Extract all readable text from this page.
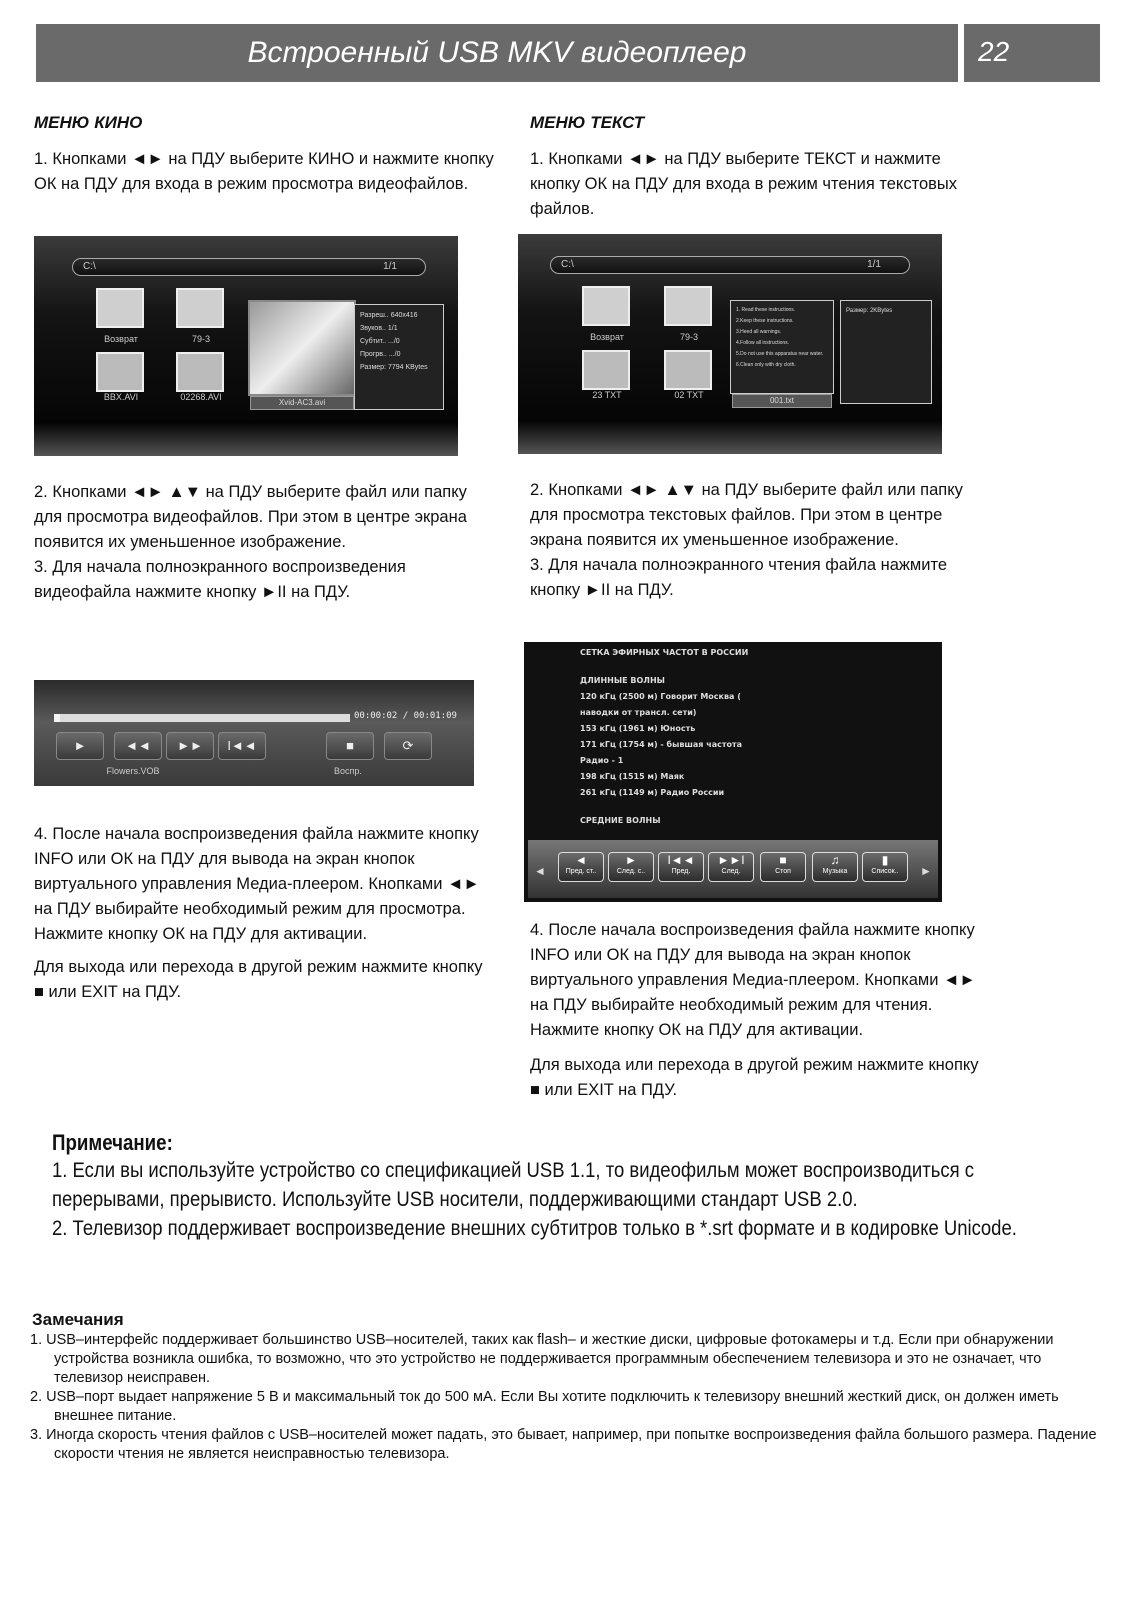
Встроенный USB MKV видеоплеер	22
МЕНЮ КИНО

1. Кнопками ◄► на ПДУ выберите КИНО и нажмите кнопку ОК на ПДУ для входа в режим просмотра видеофайлов.

2. Кнопками ◄► ▲▼ на ПДУ выберите файл или папку для просмотра видеофайлов. При этом в центре экрана появится их уменьшенное изображение.

3. Для начала полноэкранного воспроизведения видеофайла нажмите кнопку ►II на ПДУ.

4. После начала воспроизведения файла нажмите кнопку INFO или ОК на ПДУ для вывода на экран кнопок виртуального управления Медиа-плеером. Кнопками ◄► на ПДУ выбирайте необходимый режим для просмотра. Нажмите кнопку ОК на ПДУ для активации.

Для выхода или перехода в другой режим нажмите кнопку ■ или EXIT на ПДУ.

МЕНЮ ТЕКСТ

1. Кнопками ◄► на ПДУ выберите ТЕКСТ и нажмите кнопку ОК на ПДУ для входа в режим чтения текстовых файлов.

2. Кнопками ◄► ▲▼ на ПДУ выберите файл или папку для просмотра текстовых файлов. При этом в центре экрана появится их уменьшенное изображение.

3. Для начала полноэкранного чтения файла нажмите кнопку ►II на ПДУ.

4. После начала воспроизведения файла нажмите кнопку INFO или ОК на ПДУ для вывода на экран кнопок виртуального управления Медиа-плеером. Кнопками ◄► на ПДУ выбирайте необходимый режим для чтения. Нажмите кнопку ОК на ПДУ для активации.

Для выхода или перехода в другой режим нажмите кнопку ■ или EXIT на ПДУ.

C:\	1/1
Возврат	79-3
BBX.AVI	02268.AVI
Xvid-AC3.avi
Разреш.. 640x416
Звуков.. 1/1
Субтит.. .../0
Прогрв.. .../0
Размер: 7794 KBytes
C:\	1/1
Возврат	79-3
23 TXT	02 TXT
1. Read these instructions.
2.Keep these instructions.
3.Heed all warnings.
4.Follow all instructions.
5.Do not use this apparatus near water.
6.Clean only with dry cloth.
001.txt
Размер: 2KBytes
00:00:02 / 00:01:09
►	◄◄	►►	I◄◄	■	⟳
Flowers.VOB	Воспр.
СЕТКА ЭФИРНЫХ ЧАСТОТ В РОССИИ
ДЛИННЫЕ ВОЛНЫ
120 кГц (2500 м) Говорит Москва (
наводки от трансл. сети)
153 кГц (1961 м) Юность
171 кГц (1754 м) - бывшая частота
Радио - 1
198 кГц (1515 м) Маяк
261 кГц (1149 м) Радио России
СРЕДНИЕ ВОЛНЫ
◄
◄
Пред. ст..
►
След. с..
I◄◄
Пред.
►►I
След.
■
Стоп
♫
Музыка
▮
Список..	►
Примечание:
1. Если вы используйте устройство со спецификацией USB 1.1, то видеофильм может воспроизводиться с перерывами, прерывисто. Используйте USB носители, поддерживающими стандарт USB 2.0.
2. Телевизор поддерживает воспроизведение внешних субтитров только в *.srt формате и в кодировке Unicode.
Замечания
1. USB–интерфейс поддерживает большинство USB–носителей, таких как flash– и жесткие диски, цифровые фотокамеры и т.д. Если при обнаружении устройства возникла ошибка, то возможно, что это устройство не поддерживается программным обеспечением телевизора и это не означает, что телевизор неисправен.
2. USB–порт выдает напряжение 5 В и максимальный ток до 500 мА. Если Вы хотите подключить к телевизору внешний жесткий диск, он должен иметь внешнее питание.
3. Иногда скорость чтения файлов с USB–носителей может падать, это бывает, например, при попытке воспроизведения файла большого размера. Падение скорости чтения не является неисправностью телевизора.
